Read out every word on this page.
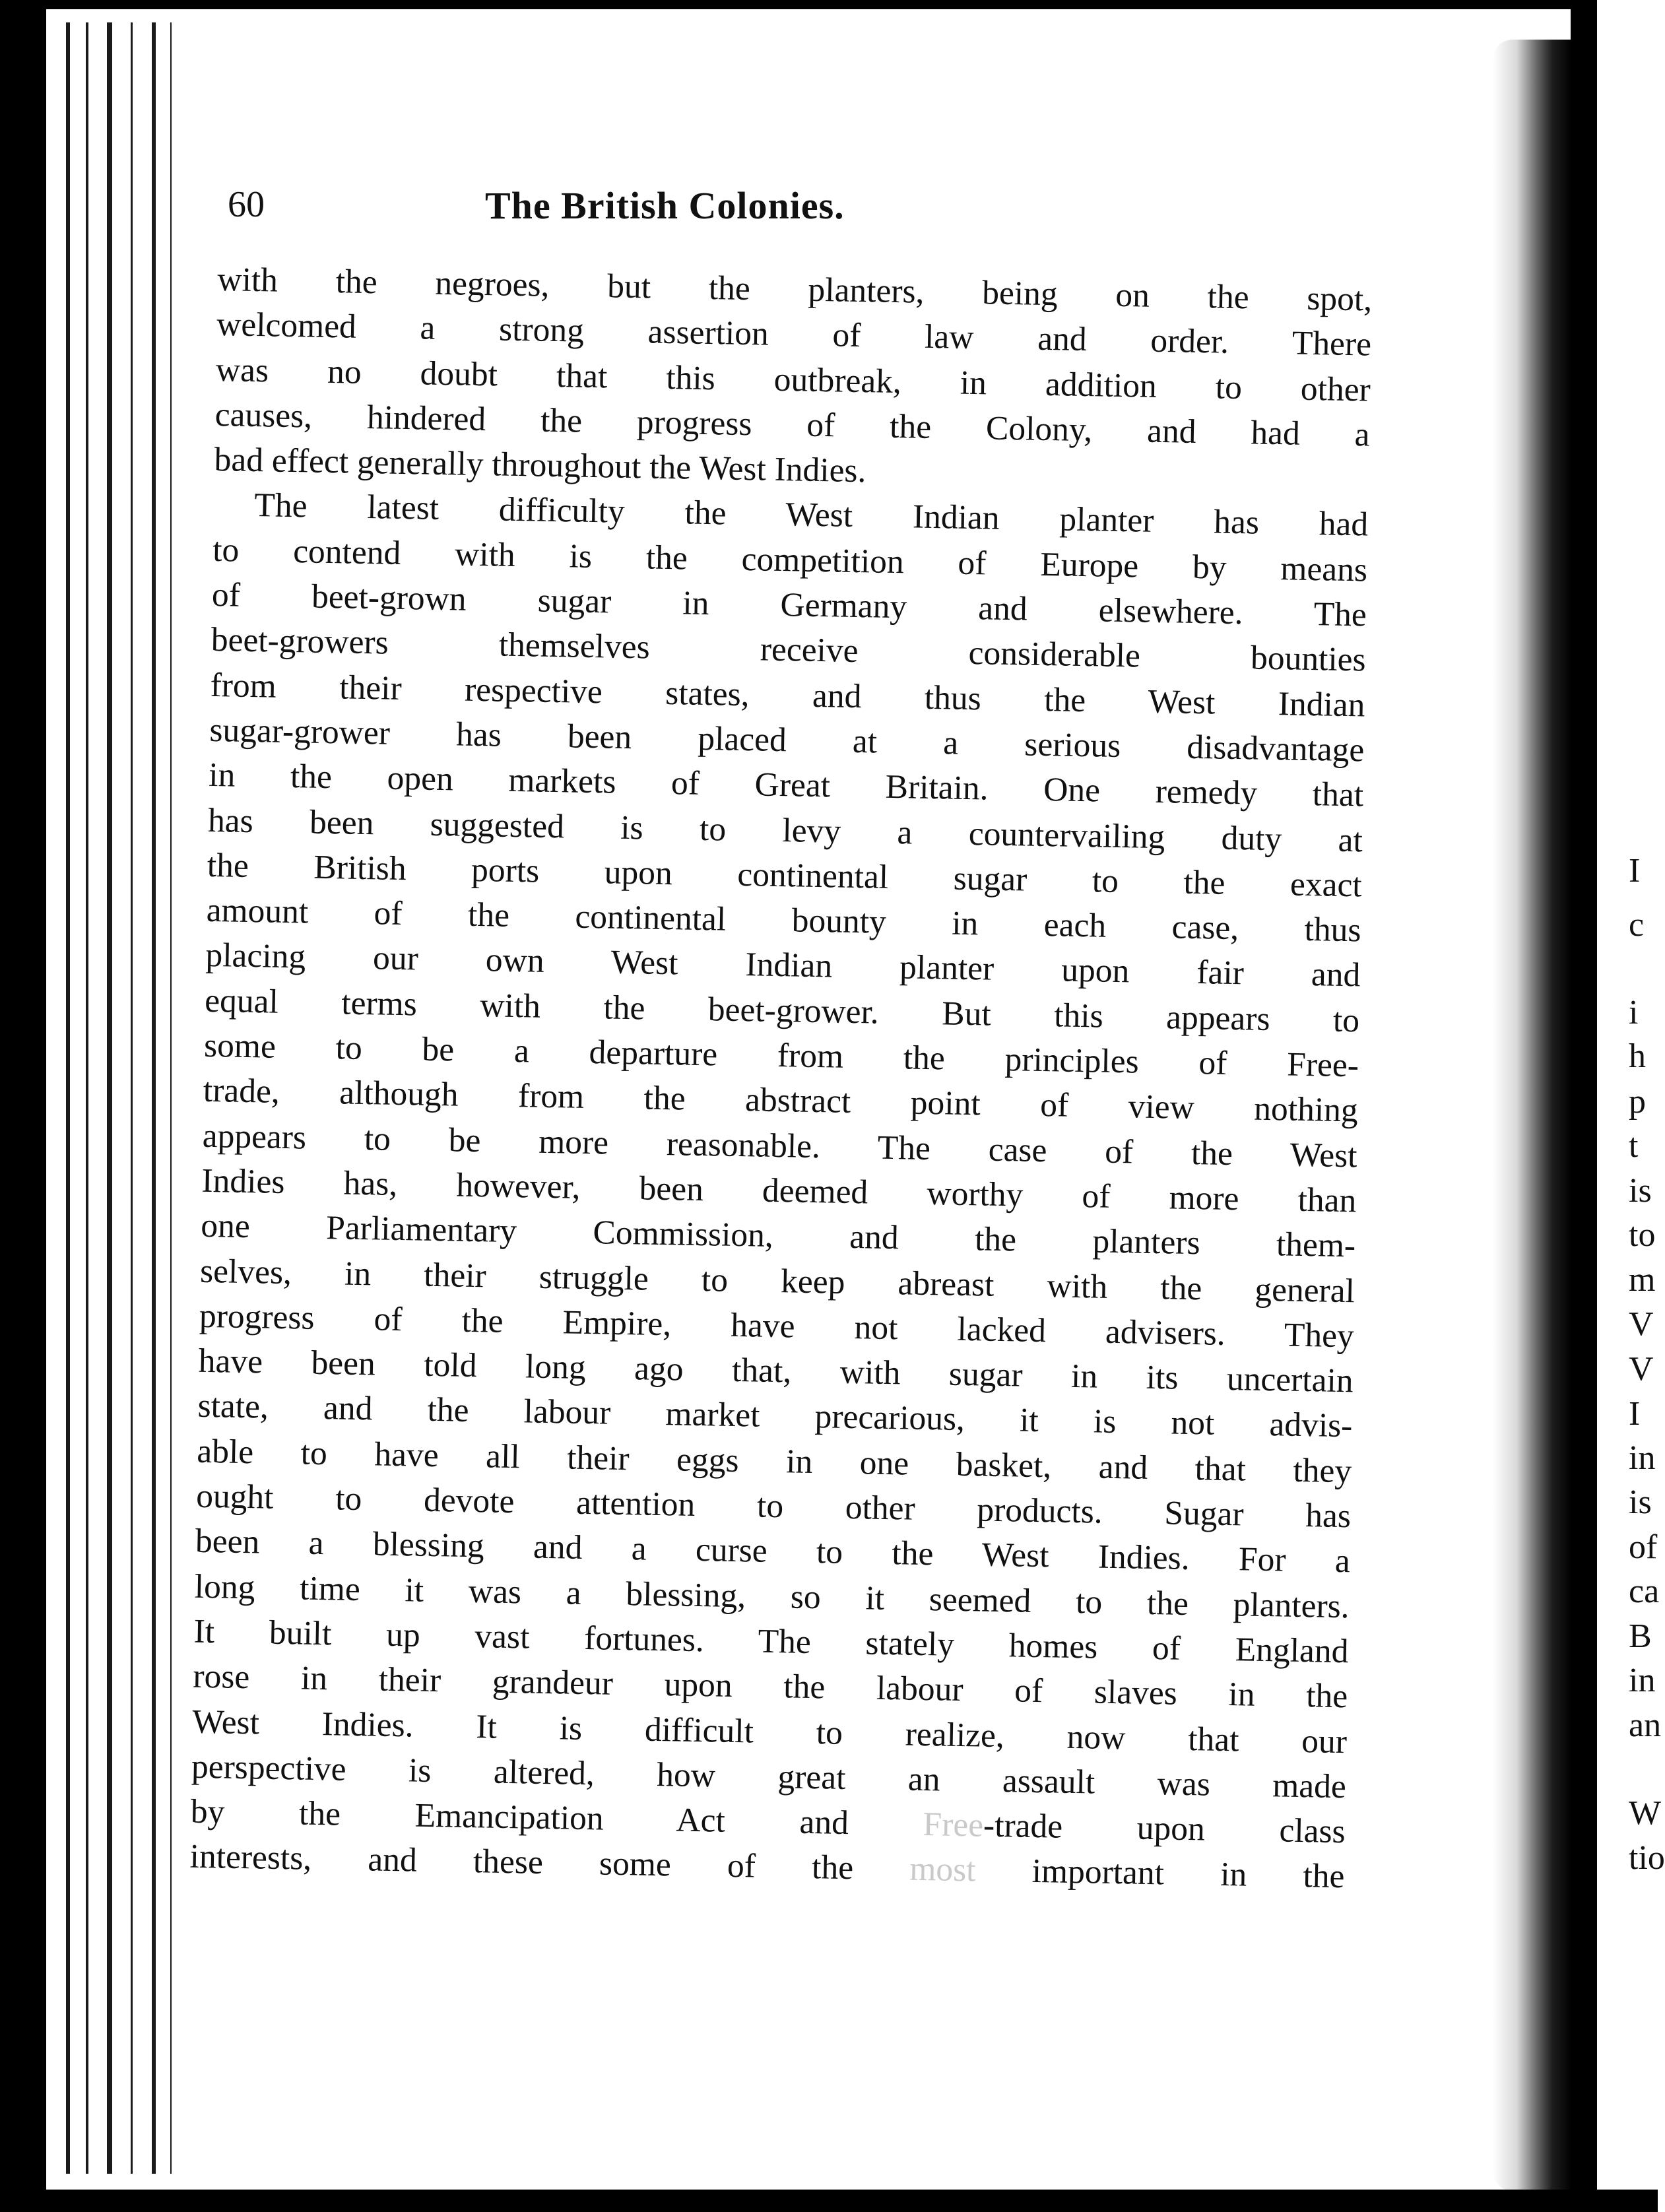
60	The British Colonies.
with the negroes, but the planters, being on the spot,
welcomed a strong assertion of law and order. There
was no doubt that this outbreak, in addition to other
causes, hindered the progress of the Colony, and had a
bad effect generally throughout the West Indies.
The latest difficulty the West Indian planter has had
to contend with is the competition of Europe by means
of beet-grown sugar in Germany and elsewhere. The
beet-growers themselves receive considerable bounties
from their respective states, and thus the West Indian
sugar-grower has been placed at a serious disadvantage
in the open markets of Great Britain. One remedy that
has been suggested is to levy a countervailing duty at
the British ports upon continental sugar to the exact
amount of the continental bounty in each case, thus
placing our own West Indian planter upon fair and
equal terms with the beet-grower. But this appears to
some to be a departure from the principles of Free-
trade, although from the abstract point of view nothing
appears to be more reasonable. The case of the West
Indies has, however, been deemed worthy of more than
one Parliamentary Commission, and the planters them-
selves, in their struggle to keep abreast with the general
progress of the Empire, have not lacked advisers. They
have been told long ago that, with sugar in its uncertain
state, and the labour market precarious, it is not advis-
able to have all their eggs in one basket, and that they
ought to devote attention to other products. Sugar has
been a blessing and a curse to the West Indies. For a
long time it was a blessing, so it seemed to the planters.
It built up vast fortunes. The stately homes of England
rose in their grandeur upon the labour of slaves in the
West Indies. It is difficult to realize, now that our
perspective is altered, how great an assault was made
by the Emancipation Act and Free-trade upon class
interests, and these some of the most important in the
I
c
i
h
p
t
is
to
m
V
V
I
in
is
of
ca
B
in
an
W
tio
